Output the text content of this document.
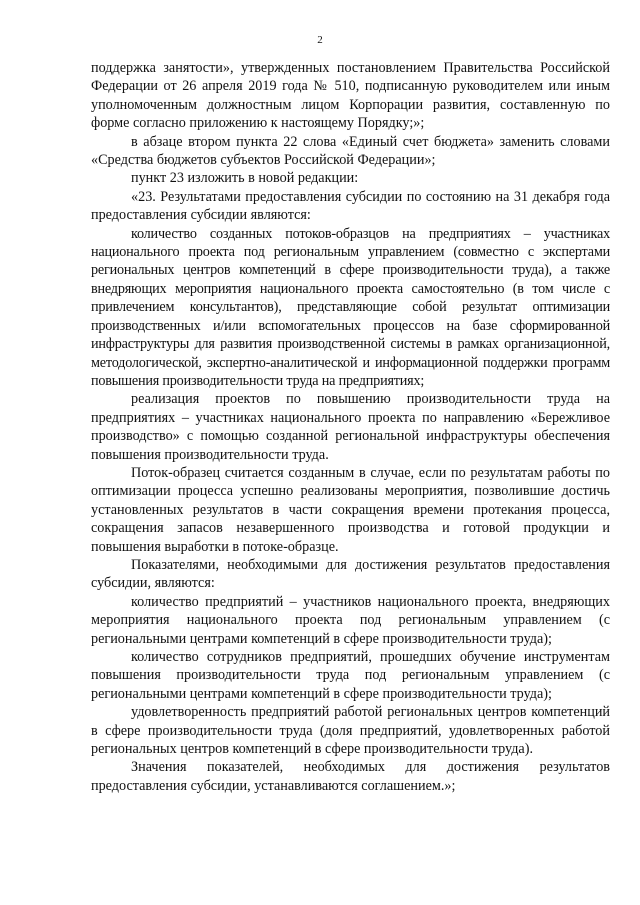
2

поддержка занятости», утвержденных постановлением Правительства Российской Федерации от 26 апреля 2019 года № 510, подписанную руководителем или иным уполномоченным должностным лицом Корпорации развития, составленную по форме согласно приложению к настоящему Порядку;»;

в абзаце втором пункта 22 слова «Единый счет бюджета» заменить словами «Средства бюджетов субъектов Российской Федерации»;

пункт 23 изложить в новой редакции:

«23. Результатами предоставления субсидии по состоянию на 31 декабря года предоставления субсидии являются:

количество созданных потоков-образцов на предприятиях – участниках национального проекта под региональным управлением (совместно с экспертами региональных центров компетенций в сфере производительности труда), а также внедряющих мероприятия национального проекта самостоятельно (в том числе с привлечением консультантов), представляющие собой результат оптимизации производственных и/или вспомогательных процессов на базе сформированной инфраструктуры для развития производственной системы в рамках организационной, методологической, экспертно-аналитической и информационной поддержки программ повышения производительности труда на предприятиях;

реализация проектов по повышению производительности труда на предприятиях – участниках национального проекта по направлению «Бережливое производство» с помощью созданной региональной инфраструктуры обеспечения повышения производительности труда.

Поток-образец считается созданным в случае, если по результатам работы по оптимизации процесса успешно реализованы мероприятия, позволившие достичь установленных результатов в части сокращения времени протекания процесса, сокращения запасов незавершенного производства и готовой продукции и повышения выработки в потоке-образце.

Показателями, необходимыми для достижения результатов предоставления субсидии, являются:

количество предприятий – участников национального проекта, внедряющих мероприятия национального проекта под региональным управлением (с региональными центрами компетенций в сфере производительности труда);

количество сотрудников предприятий, прошедших обучение инструментам повышения производительности труда под региональным управлением (с региональными центрами компетенций в сфере производительности труда);

удовлетворенность предприятий работой региональных центров компетенций в сфере производительности труда (доля предприятий, удовлетворенных работой региональных центров компетенций в сфере производительности труда).

Значения показателей, необходимых для достижения результатов предоставления субсидии, устанавливаются соглашением.»;
